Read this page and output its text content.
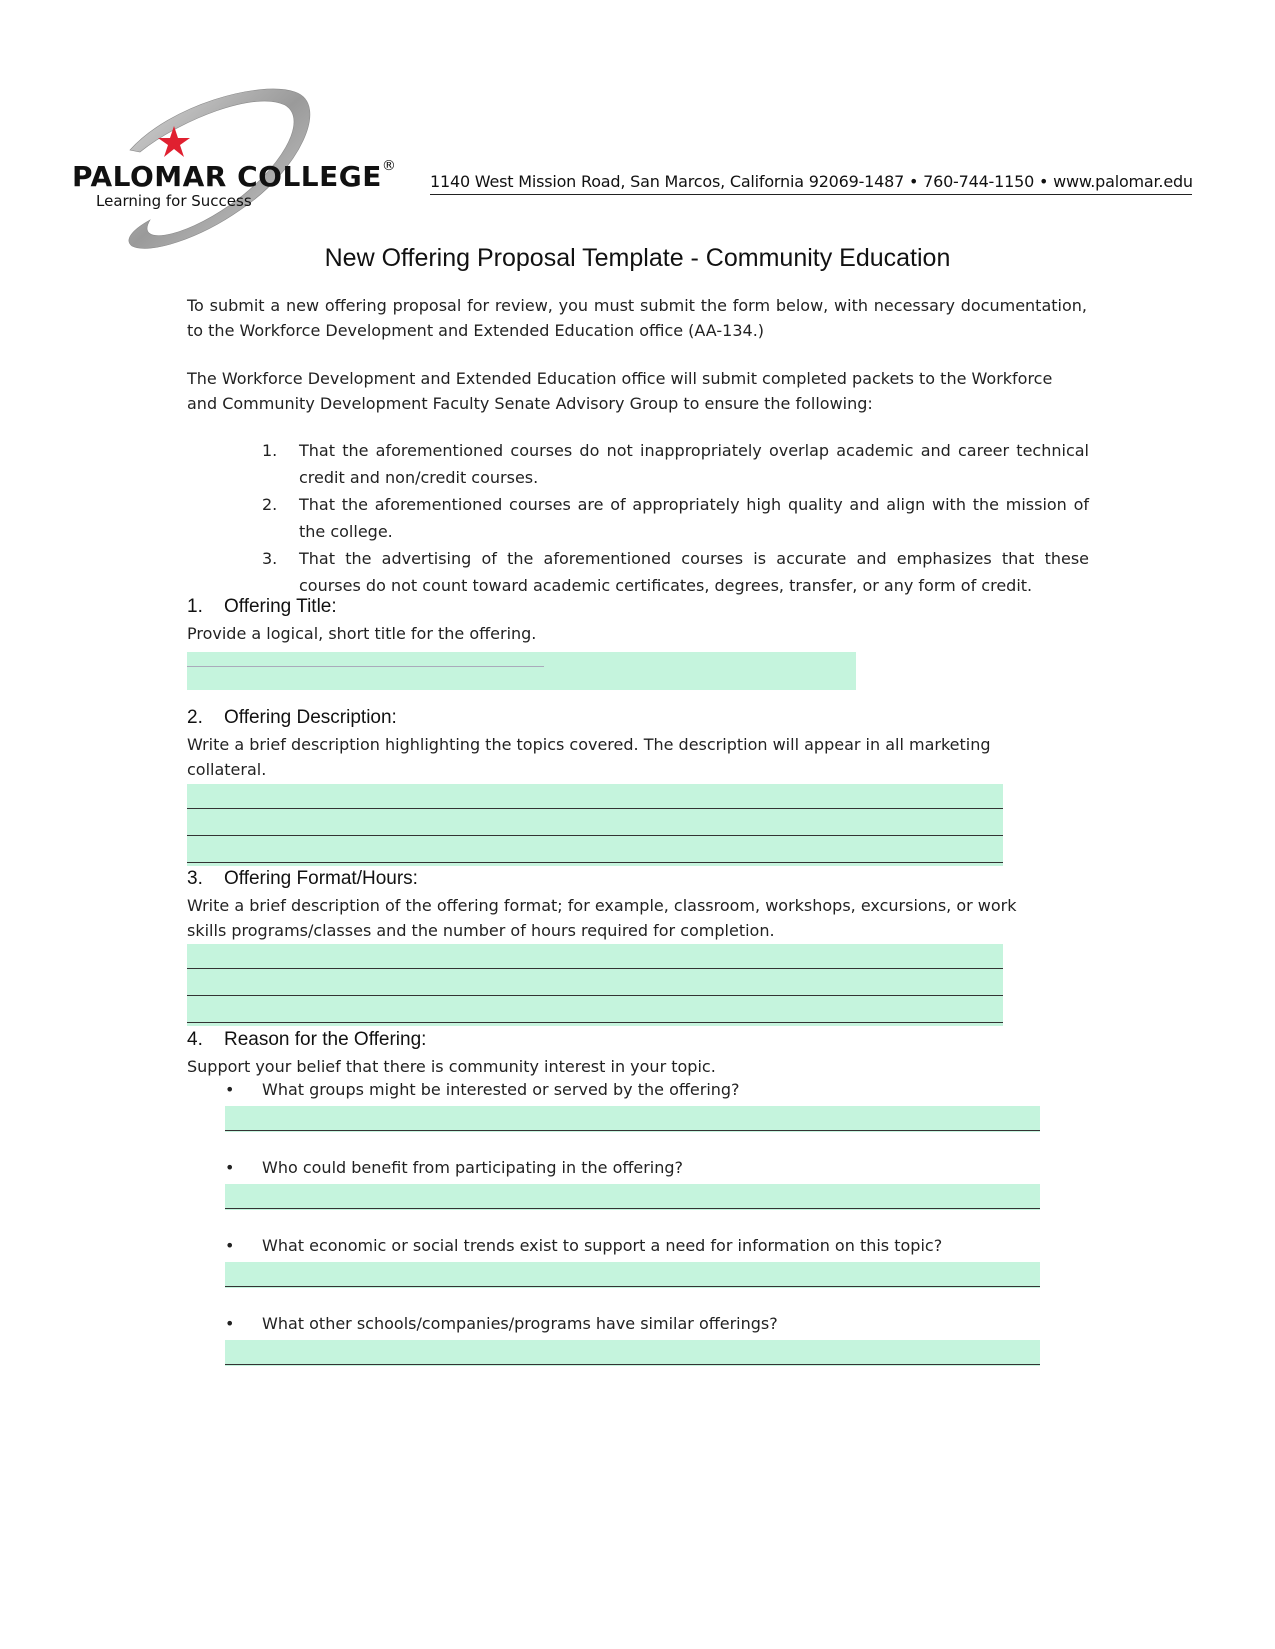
PALOMAR COLLEGE®
Learning for Success
1140 West Mission Road, San Marcos, California 92069-1487 • 760-744-1150 • www.palomar.edu
New Offering Proposal Template - Community Education
To submit a new offering proposal for review, you must submit the form below, with necessary documentation, to the Workforce Development and Extended Education office (AA-134.)
The Workforce Development and Extended Education office will submit completed packets to the Workforce and Community Development Faculty Senate Advisory Group to ensure the following:
1. That the aforementioned courses do not inappropriately overlap academic and career technical credit and non/credit courses.
2. That the aforementioned courses are of appropriately high quality and align with the mission of the college.
3. That the advertising of the aforementioned courses is accurate and emphasizes that these courses do not count toward academic certificates, degrees, transfer, or any form of credit.
1. Offering Title:
Provide a logical, short title for the offering.
2. Offering Description:
Write a brief description highlighting the topics covered. The description will appear in all marketing collateral.
3. Offering Format/Hours:
Write a brief description of the offering format; for example, classroom, workshops, excursions, or work skills programs/classes and the number of hours required for completion.
4. Reason for the Offering:
Support your belief that there is community interest in your topic.
• What groups might be interested or served by the offering?
• Who could benefit from participating in the offering?
• What economic or social trends exist to support a need for information on this topic?
• What other schools/companies/programs have similar offerings?
